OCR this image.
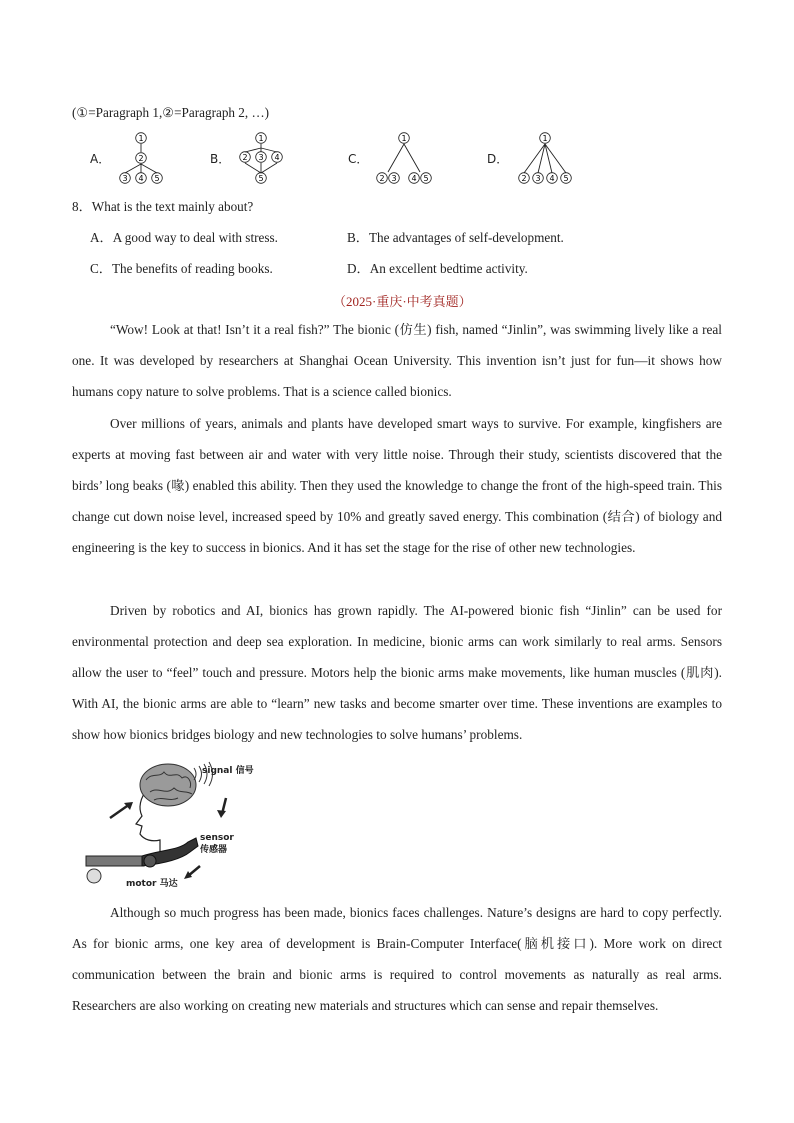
(①=Paragraph 1,②=Paragraph 2, …)
A．
1
2
3 4 5
B．
1
2 3 4
5
C．
1
2 3 4 5
D．
1
2 3 4 5
8．What is the text mainly about?
A．A good way to deal with stress.	B．The advantages of self-development.
C．The benefits of reading books.	D．An excellent bedtime activity.
（2025·重庆·中考真题）
“Wow! Look at that! Isn’t it a real fish?” The bionic (仿生) fish, named “Jinlin”, was swimming lively like a real one. It was developed by researchers at Shanghai Ocean University. This invention isn’t just for fun—it shows how humans copy nature to solve problems. That is a science called bionics.
Over millions of years, animals and plants have developed smart ways to survive. For example, kingfishers are experts at moving fast between air and water with very little noise. Through their study, scientists discovered that the birds’ long beaks (喙) enabled this ability. Then they used the knowledge to change the front of the high-speed train. This change cut down noise level, increased speed by 10% and greatly saved energy. This combination (结合) of biology and engineering is the key to success in bionics. And it has set the stage for the rise of other new technologies.
Driven by robotics and AI, bionics has grown rapidly. The AI-powered bionic fish “Jinlin” can be used for environmental protection and deep sea exploration. In medicine, bionic arms can work similarly to real arms. Sensors allow the user to “feel” touch and pressure. Motors help the bionic arms make movements, like human muscles (肌肉). With AI, the bionic arms are able to “learn” new tasks and become smarter over time. These inventions are examples to show how bionics bridges biology and new technologies to solve humans’ problems.
signal 信号
sensor
传感器
motor 马达
Although so much progress has been made, bionics faces challenges. Nature’s designs are hard to copy perfectly. As for bionic arms, one key area of development is Brain-Computer Interface(脑机接口). More work on direct communication between the brain and bionic arms is required to control movements as naturally as real arms. Researchers are also working on creating new materials and structures which can sense and repair themselves.
